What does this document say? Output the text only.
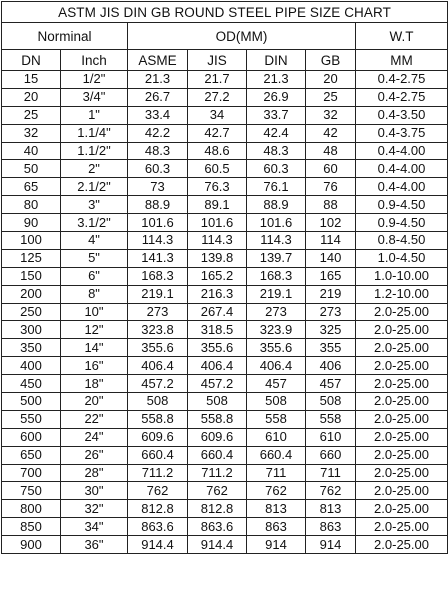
ASTM JIS DIN GB ROUND STEEL PIPE SIZE CHART						
Norminal		OD(MM)				W.T
DN	Inch	ASME	JIS	DIN	GB	MM
15	1/2"	21.3	21.7	21.3	20	0.4-2.75
20	3/4"	26.7	27.2	26.9	25	0.4-2.75
25	1"	33.4	34	33.7	32	0.4-3.50
32	1.1/4"	42.2	42.7	42.4	42	0.4-3.75
40	1.1/2"	48.3	48.6	48.3	48	0.4-4.00
50	2"	60.3	60.5	60.3	60	0.4-4.00
65	2.1/2"	73	76.3	76.1	76	0.4-4.00
80	3"	88.9	89.1	88.9	88	0.9-4.50
90	3.1/2"	101.6	101.6	101.6	102	0.9-4.50
100	4"	114.3	114.3	114.3	114	0.8-4.50
125	5"	141.3	139.8	139.7	140	1.0-4.50
150	6"	168.3	165.2	168.3	165	1.0-10.00
200	8"	219.1	216.3	219.1	219	1.2-10.00
250	10"	273	267.4	273	273	2.0-25.00
300	12"	323.8	318.5	323.9	325	2.0-25.00
350	14"	355.6	355.6	355.6	355	2.0-25.00
400	16"	406.4	406.4	406.4	406	2.0-25.00
450	18"	457.2	457.2	457	457	2.0-25.00
500	20"	508	508	508	508	2.0-25.00
550	22"	558.8	558.8	558	558	2.0-25.00
600	24"	609.6	609.6	610	610	2.0-25.00
650	26"	660.4	660.4	660.4	660	2.0-25.00
700	28"	711.2	711.2	711	711	2.0-25.00
750	30"	762	762	762	762	2.0-25.00
800	32"	812.8	812.8	813	813	2.0-25.00
850	34"	863.6	863.6	863	863	2.0-25.00
900	36"	914.4	914.4	914	914	2.0-25.00
